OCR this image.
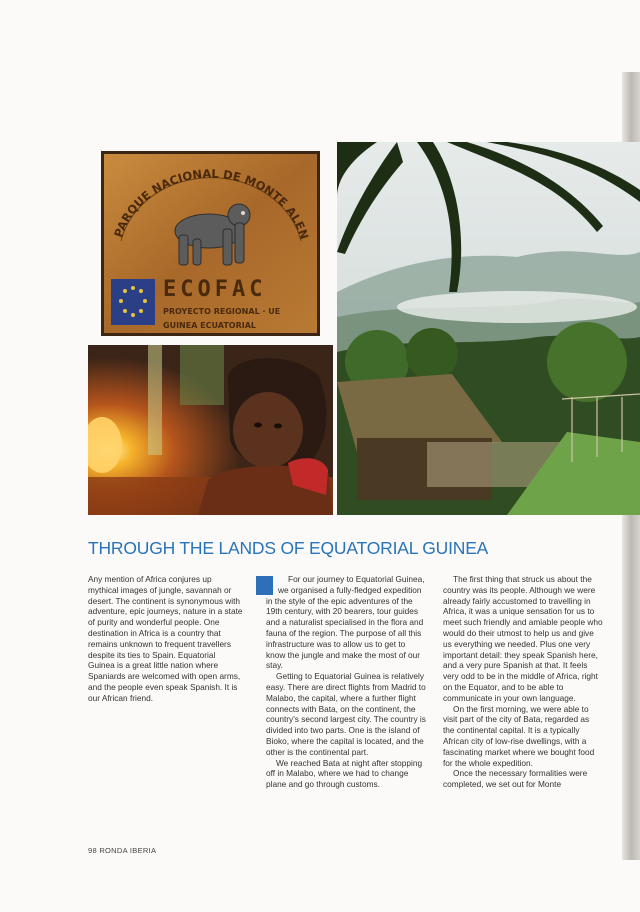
PARQUE NACIONAL DE MONTE ALEN
ECOFAC
PROYECTO REGIONAL · UE
GUINEA ECUATORIAL
THROUGH THE LANDS OF EQUATORIAL GUINEA

Any mention of Africa conjures up mythical images of jungle, savannah or desert. The continent is synonymous with adventure, epic journeys, nature in a state of purity and wonderful people. One destination in Africa is a country that remains unknown to frequent travellers despite its ties to Spain. Equatorial Guinea is a great little nation where Spaniards are welcomed with open arms, and the people even speak Spanish. It is our African friend.

For our journey to Equatorial Guinea, we organised a fully-fledged expedition in the style of the epic adventures of the 19th century, with 20 bearers, tour guides and a naturalist specialised in the flora and fauna of the region. The purpose of all this infrastructure was to allow us to get to know the jungle and make the most of our stay.

Getting to Equatorial Guinea is relatively easy. There are direct flights from Madrid to Malabo, the capital, where a further flight connects with Bata, on the continent, the country's second largest city. The country is divided into two parts. One is the island of Bioko, where the capital is located, and the other is the continental part.

We reached Bata at night after stopping off in Malabo, where we had to change plane and go through customs.

The first thing that struck us about the country was its people. Although we were already fairly accustomed to travelling in Africa, it was a unique sensation for us to meet such friendly and amiable people who would do their utmost to help us and give us everything we needed. Plus one very important detail: they speak Spanish here, and a very pure Spanish at that. It feels very odd to be in the middle of Africa, right on the Equator, and to be able to communicate in your own language.

On the first morning, we were able to visit part of the city of Bata, regarded as the continental capital. It is a typically African city of low-rise dwellings, with a fascinating market where we bought food for the whole expedition.

Once the necessary formalities were completed, we set out for Monte

98 RONDA IBERIA
